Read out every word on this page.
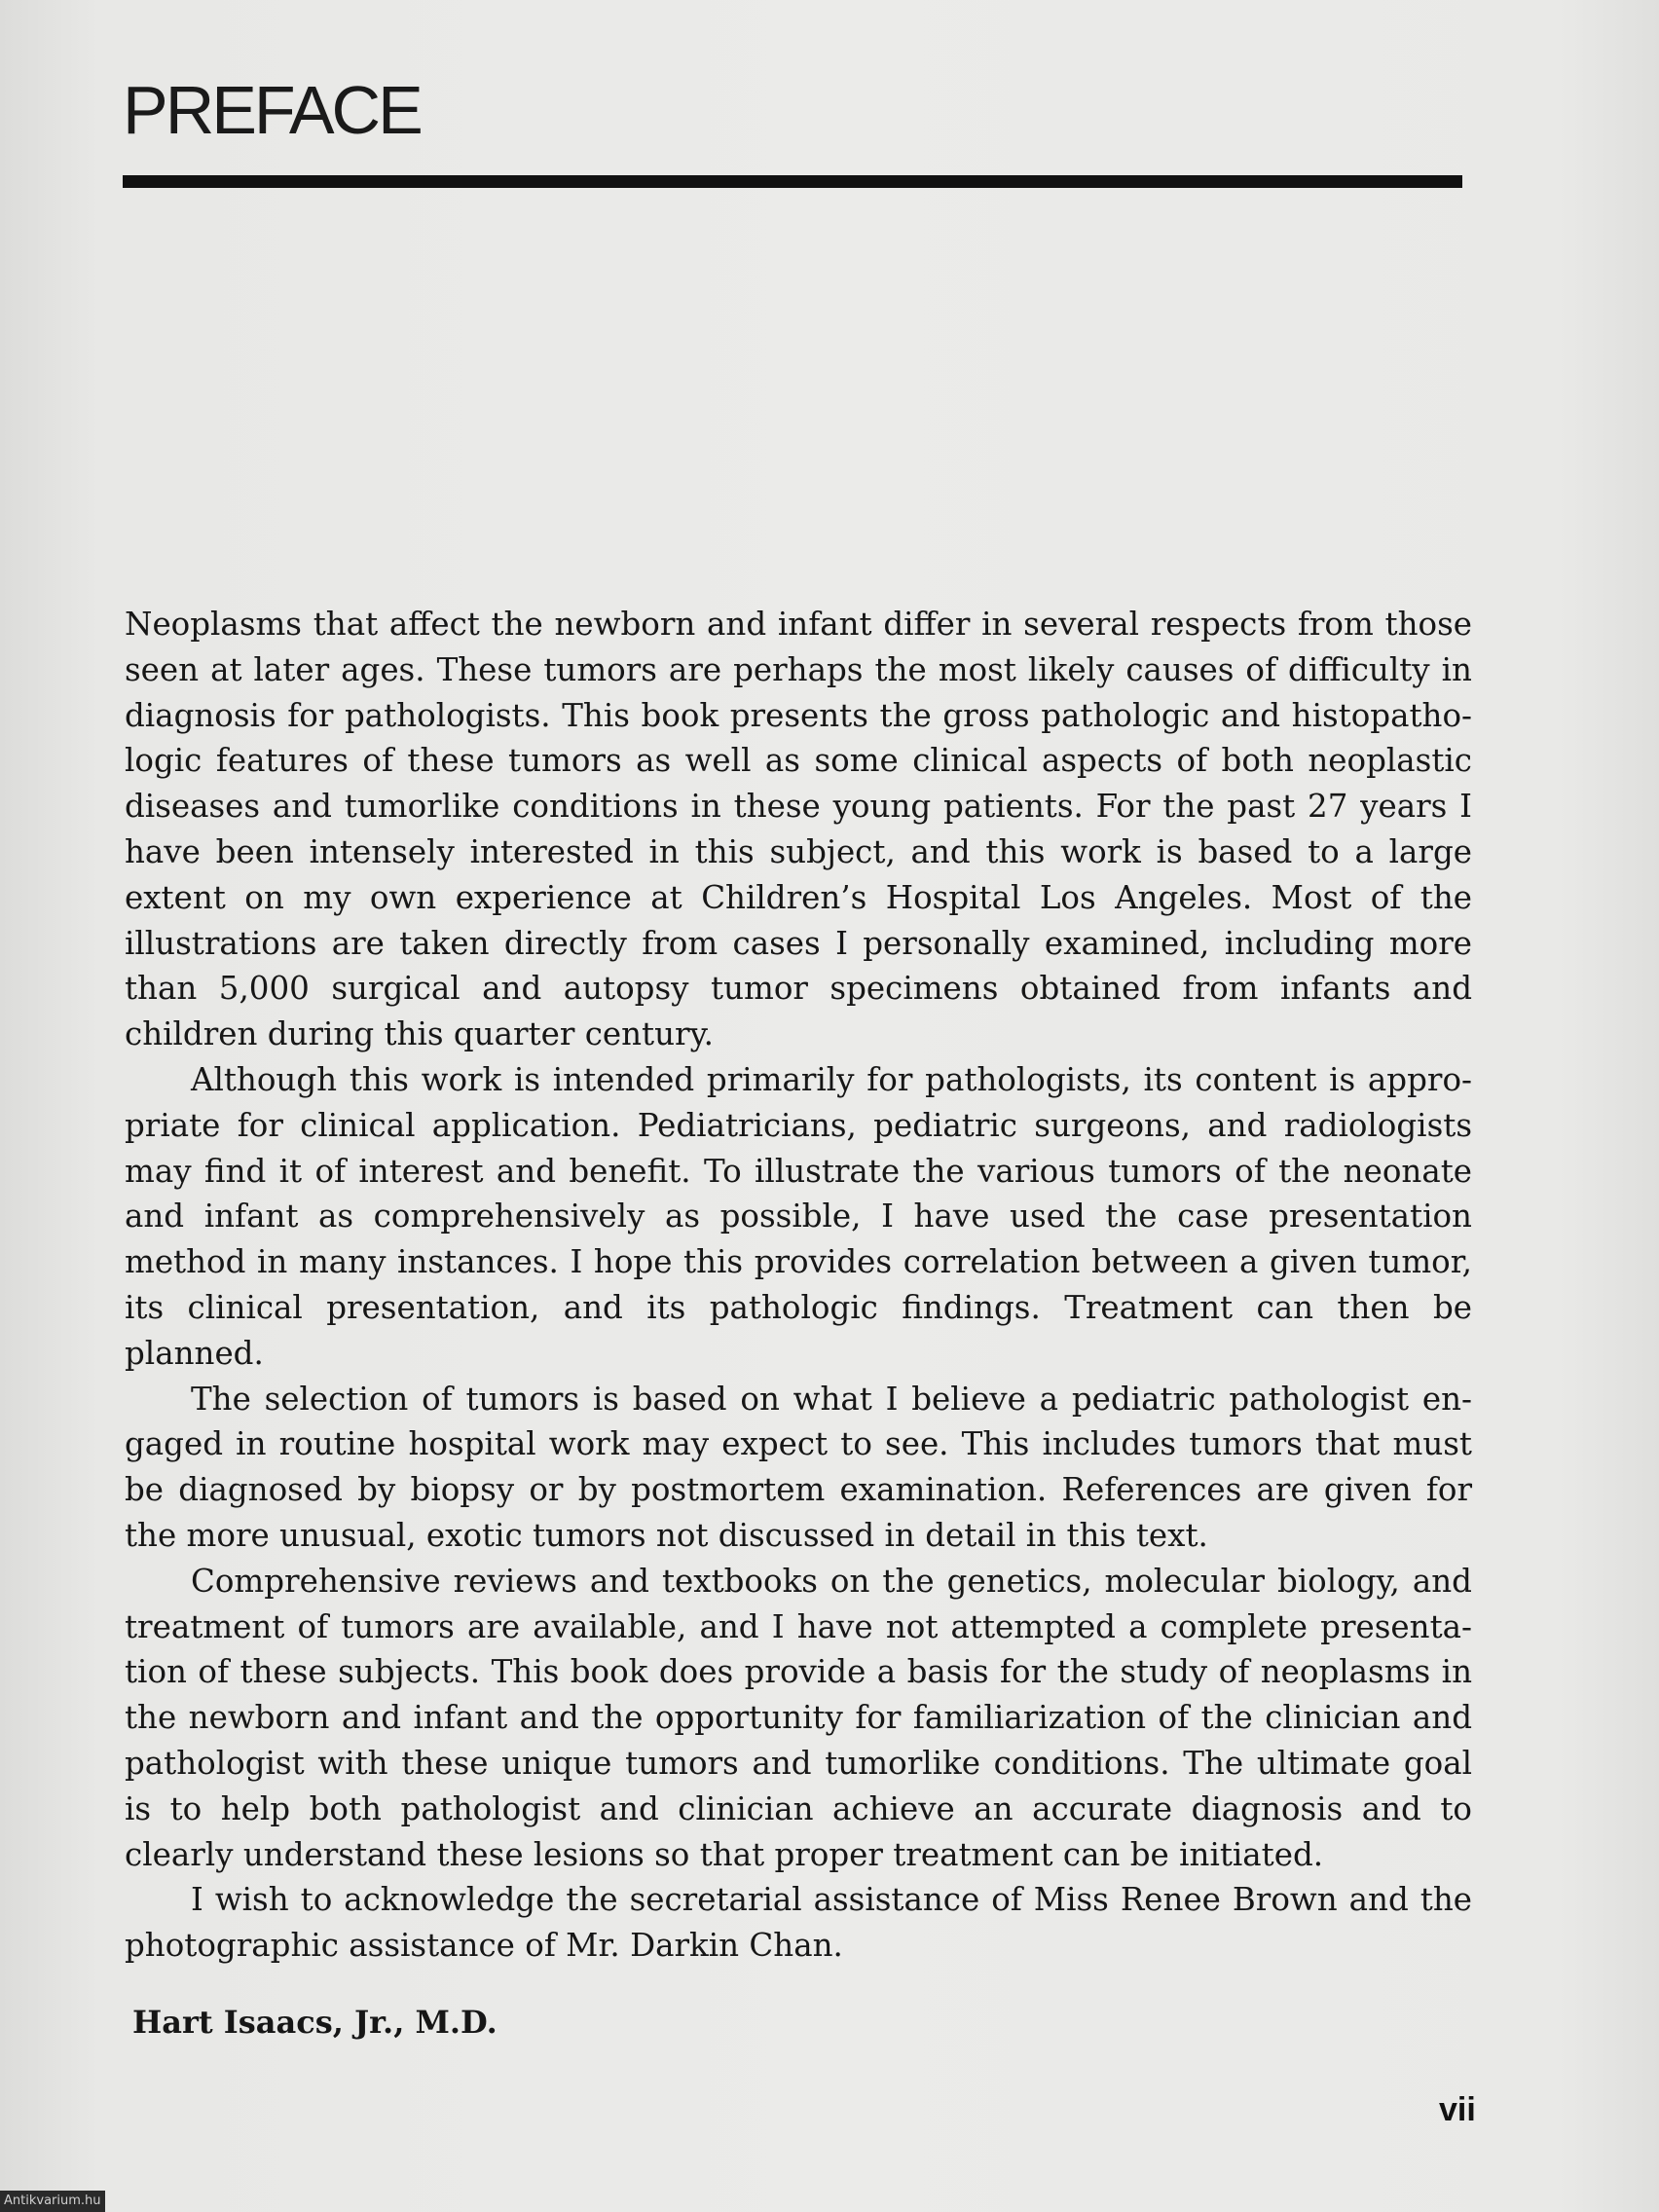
PREFACE

Neoplasms that affect the newborn and infant differ in several respects from those seen at later ages. These tumors are perhaps the most likely causes of difficulty in diagnosis for pathologists. This book presents the gross pathologic and histopathologic features of these tumors as well as some clinical aspects of both neoplastic diseases and tumorlike conditions in these young patients. For the past 27 years I have been intensely interested in this subject, and this work is based to a large extent on my own experience at Children’s Hospital Los Angeles. Most of the illustrations are taken directly from cases I personally examined, including more than 5,000 surgical and autopsy tumor specimens obtained from infants and children during this quarter century.

Although this work is intended primarily for pathologists, its content is appropriate for clinical application. Pediatricians, pediatric surgeons, and radiologists may find it of interest and benefit. To illustrate the various tumors of the neonate and infant as comprehensively as possible, I have used the case presentation method in many instances. I hope this provides correlation between a given tumor, its clinical presentation, and its pathologic findings. Treatment can then be planned.

The selection of tumors is based on what I believe a pediatric pathologist engaged in routine hospital work may expect to see. This includes tumors that must be diagnosed by biopsy or by postmortem examination. References are given for the more unusual, exotic tumors not discussed in detail in this text.

Comprehensive reviews and textbooks on the genetics, molecular biology, and treatment of tumors are available, and I have not attempted a complete presentation of these subjects. This book does provide a basis for the study of neoplasms in the newborn and infant and the opportunity for familiarization of the clinician and pathologist with these unique tumors and tumorlike conditions. The ultimate goal is to help both pathologist and clinician achieve an accurate diagnosis and to clearly understand these lesions so that proper treatment can be initiated.

I wish to acknowledge the secretarial assistance of Miss Renee Brown and the photographic assistance of Mr. Darkin Chan.

Hart Isaacs, Jr., M.D.

vii

Antikvarium.hu
